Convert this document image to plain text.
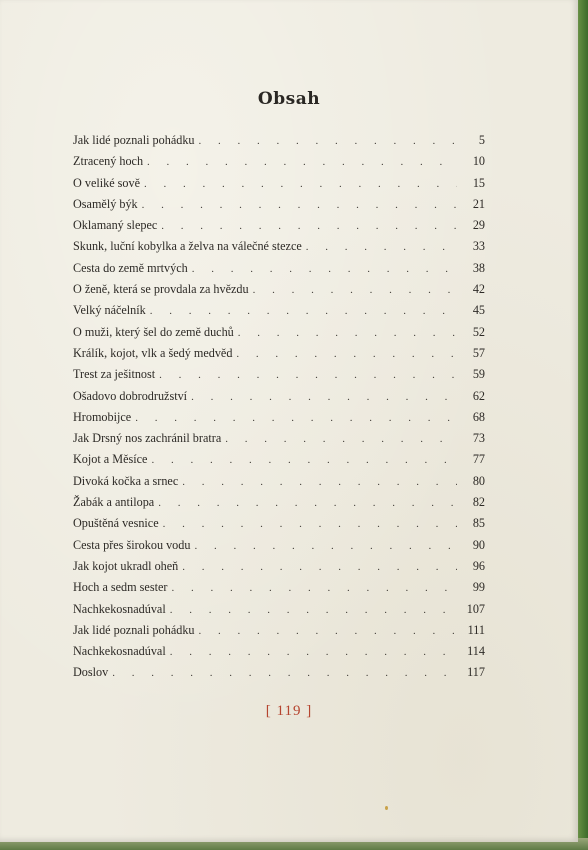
Obsah
Jak lidé poznali pohádku . . .	5
Ztracený hoch . . .	10
O veliké sově . . .	15
Osamělý býk . . .	21
Oklamaný slepec . . .	29
Skunk, luční kobylka a želva na válečné stezce . . .	33
Cesta do země mrtvých . . .	38
O ženě, která se provdala za hvězdu . . .	42
Velký náčelník . . .	45
O muži, který šel do země duchů . . .	52
Králík, kojot, vlk a šedý medvěd . . .	57
Trest za ješitnost . . .	59
Ošadovo dobrodružství . . .	62
Hromobijce . . .	68
Jak Drsný nos zachránil bratra . . .	73
Kojot a Měsíce . . .	77
Divoká kočka a srnec . . .	80
Žabák a antilopa . . .	82
Opuštěná vesnice . . .	85
Cesta přes širokou vodu . . .	90
Jak kojot ukradl oheň . . .	96
Hoch a sedm sester . . .	99
Nachkekosnadúval . . .	107
Jak lidé poznali pohádku . . .	111
Nachkekosnadúval . . .	114
Doslov . . .	117
[ 119 ]
